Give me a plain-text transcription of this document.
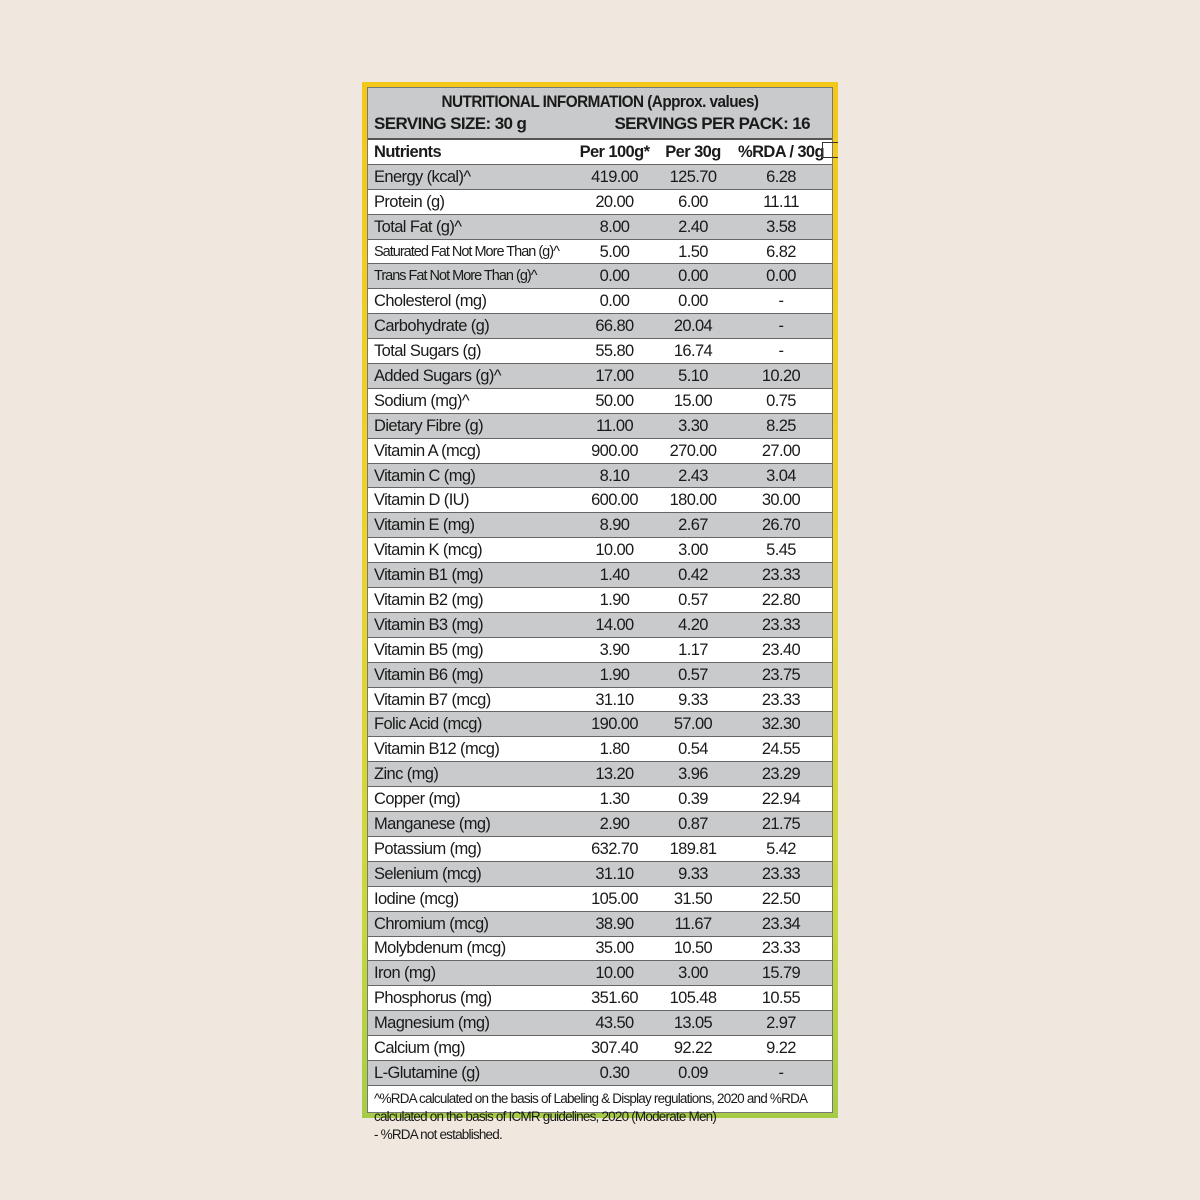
NUTRITIONAL INFORMATION (Approx. values)
SERVING SIZE: 30 g	SERVINGS PER PACK: 16
Nutrients	Per 100g*	Per 30g	%RDA / 30g
Energy (kcal)^	419.00	125.70	6.28
Protein (g)	20.00	6.00	11.11
Total Fat (g)^	8.00	2.40	3.58
Saturated Fat Not More Than (g)^	5.00	1.50	6.82
Trans Fat Not More Than (g)^	0.00	0.00	0.00
Cholesterol (mg)	0.00	0.00	-
Carbohydrate (g)	66.80	20.04	-
Total Sugars (g)	55.80	16.74	-
Added Sugars (g)^	17.00	5.10	10.20
Sodium (mg)^	50.00	15.00	0.75
Dietary Fibre (g)	11.00	3.30	8.25
Vitamin A (mcg)	900.00	270.00	27.00
Vitamin C (mg)	8.10	2.43	3.04
Vitamin D (IU)	600.00	180.00	30.00
Vitamin E (mg)	8.90	2.67	26.70
Vitamin K (mcg)	10.00	3.00	5.45
Vitamin B1 (mg)	1.40	0.42	23.33
Vitamin B2 (mg)	1.90	0.57	22.80
Vitamin B3 (mg)	14.00	4.20	23.33
Vitamin B5 (mg)	3.90	1.17	23.40
Vitamin B6 (mg)	1.90	0.57	23.75
Vitamin B7 (mcg)	31.10	9.33	23.33
Folic Acid (mcg)	190.00	57.00	32.30
Vitamin B12 (mcg)	1.80	0.54	24.55
Zinc (mg)	13.20	3.96	23.29
Copper (mg)	1.30	0.39	22.94
Manganese (mg)	2.90	0.87	21.75
Potassium (mg)	632.70	189.81	5.42
Selenium (mcg)	31.10	9.33	23.33
Iodine (mcg)	105.00	31.50	22.50
Chromium (mcg)	38.90	11.67	23.34
Molybdenum (mcg)	35.00	10.50	23.33
Iron (mg)	10.00	3.00	15.79
Phosphorus (mg)	351.60	105.48	10.55
Magnesium (mg)	43.50	13.05	2.97
Calcium (mg)	307.40	92.22	9.22
L-Glutamine (g)	0.30	0.09	-
^%RDA calculated on the basis of Labeling & Display regulations, 2020 and %RDA
calculated on the basis of ICMR guidelines, 2020 (Moderate Men)
- %RDA not established.
